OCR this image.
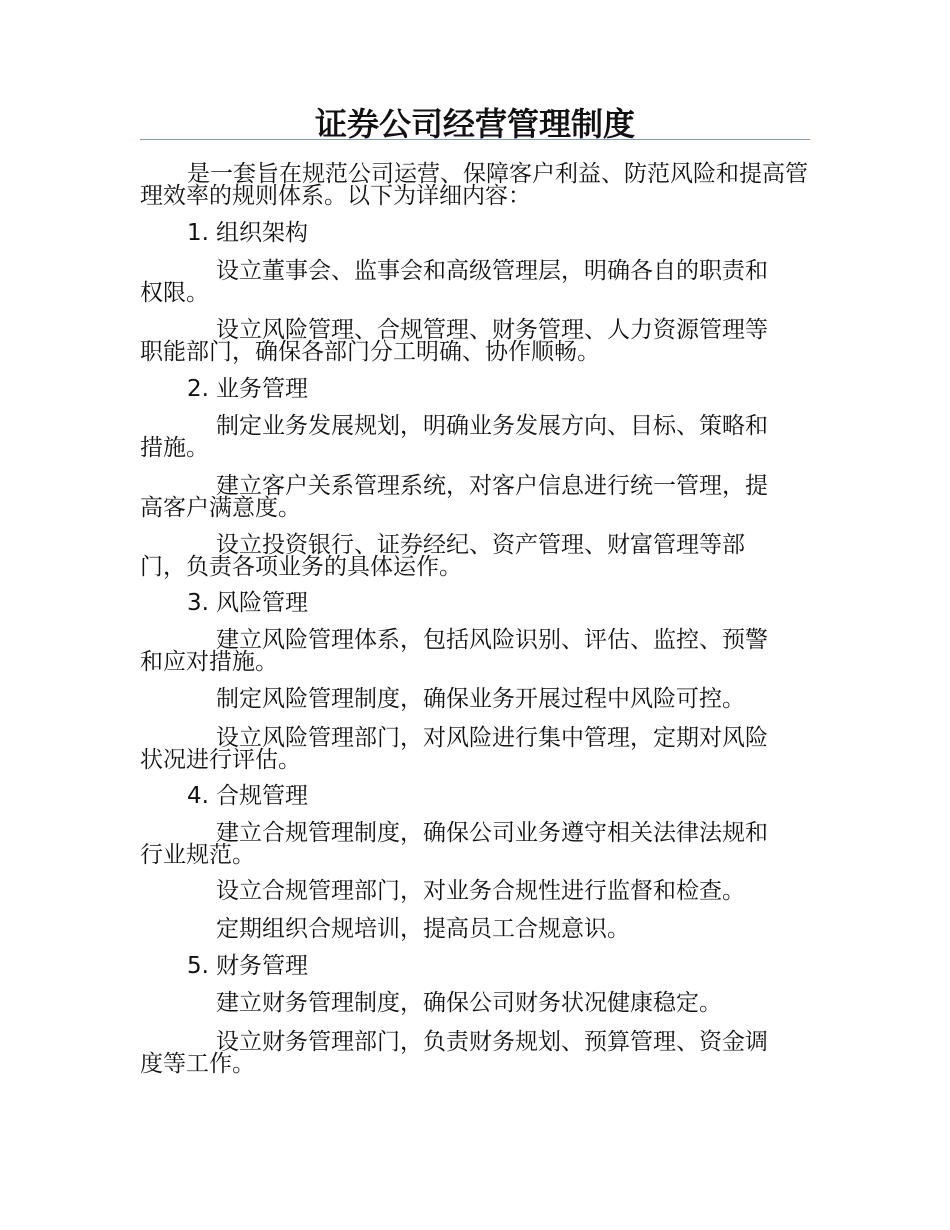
证券公司经营管理制度

是一套旨在规范公司运营、保障客户利益、防范风险和提高管理效率的规则体系。以下为详细内容：

1. 组织架构

设立董事会、监事会和高级管理层，明确各自的职责和权限。

设立风险管理、合规管理、财务管理、人力资源管理等职能部门，确保各部门分工明确、协作顺畅。

2. 业务管理

制定业务发展规划，明确业务发展方向、目标、策略和措施。

建立客户关系管理系统，对客户信息进行统一管理，提高客户满意度。

设立投资银行、证券经纪、资产管理、财富管理等部门，负责各项业务的具体运作。

3. 风险管理

建立风险管理体系，包括风险识别、评估、监控、预警和应对措施。

制定风险管理制度，确保业务开展过程中风险可控。

设立风险管理部门，对风险进行集中管理，定期对风险状况进行评估。

4. 合规管理

建立合规管理制度，确保公司业务遵守相关法律法规和行业规范。

设立合规管理部门，对业务合规性进行监督和检查。

定期组织合规培训，提高员工合规意识。

5. 财务管理

建立财务管理制度，确保公司财务状况健康稳定。

设立财务管理部门，负责财务规划、预算管理、资金调度等工作。
